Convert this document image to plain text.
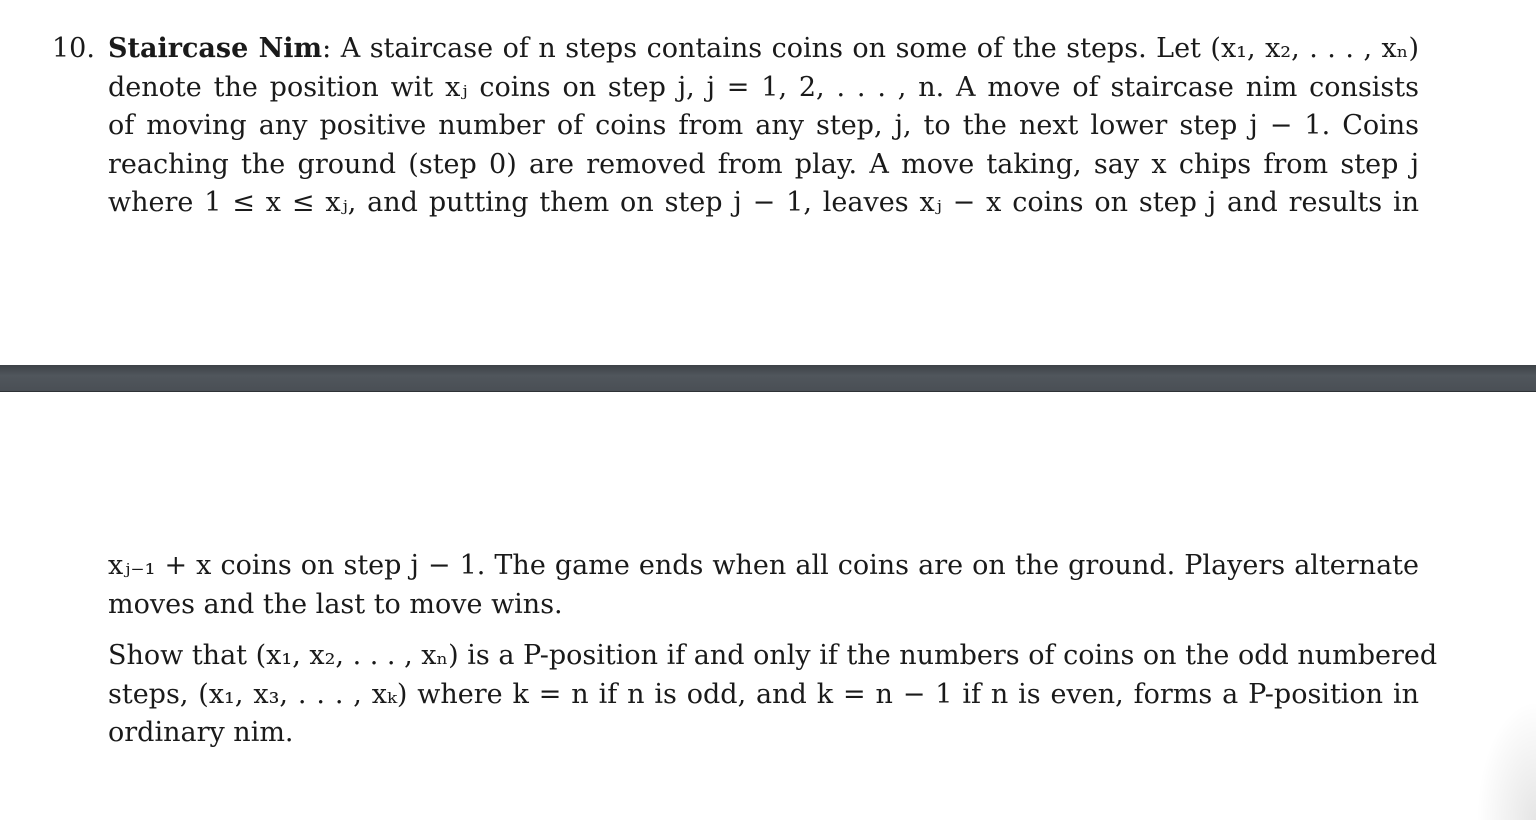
10. Staircase Nim: A staircase of n steps contains coins on some of the steps. Let (x₁, x₂, . . . , xₙ)
denote the position wit xⱼ coins on step j, j = 1, 2, . . . , n. A move of staircase nim consists
of moving any positive number of coins from any step, j, to the next lower step j − 1. Coins
reaching the ground (step 0) are removed from play. A move taking, say x chips from step j
where 1 ≤ x ≤ xⱼ, and putting them on step j − 1, leaves xⱼ − x coins on step j and results in
xⱼ₋₁ + x coins on step j − 1. The game ends when all coins are on the ground. Players alternate
moves and the last to move wins.
Show that (x₁, x₂, . . . , xₙ) is a P-position if and only if the numbers of coins on the odd numbered
steps, (x₁, x₃, . . . , xₖ) where k = n if n is odd, and k = n − 1 if n is even, forms a P-position in
ordinary nim.
